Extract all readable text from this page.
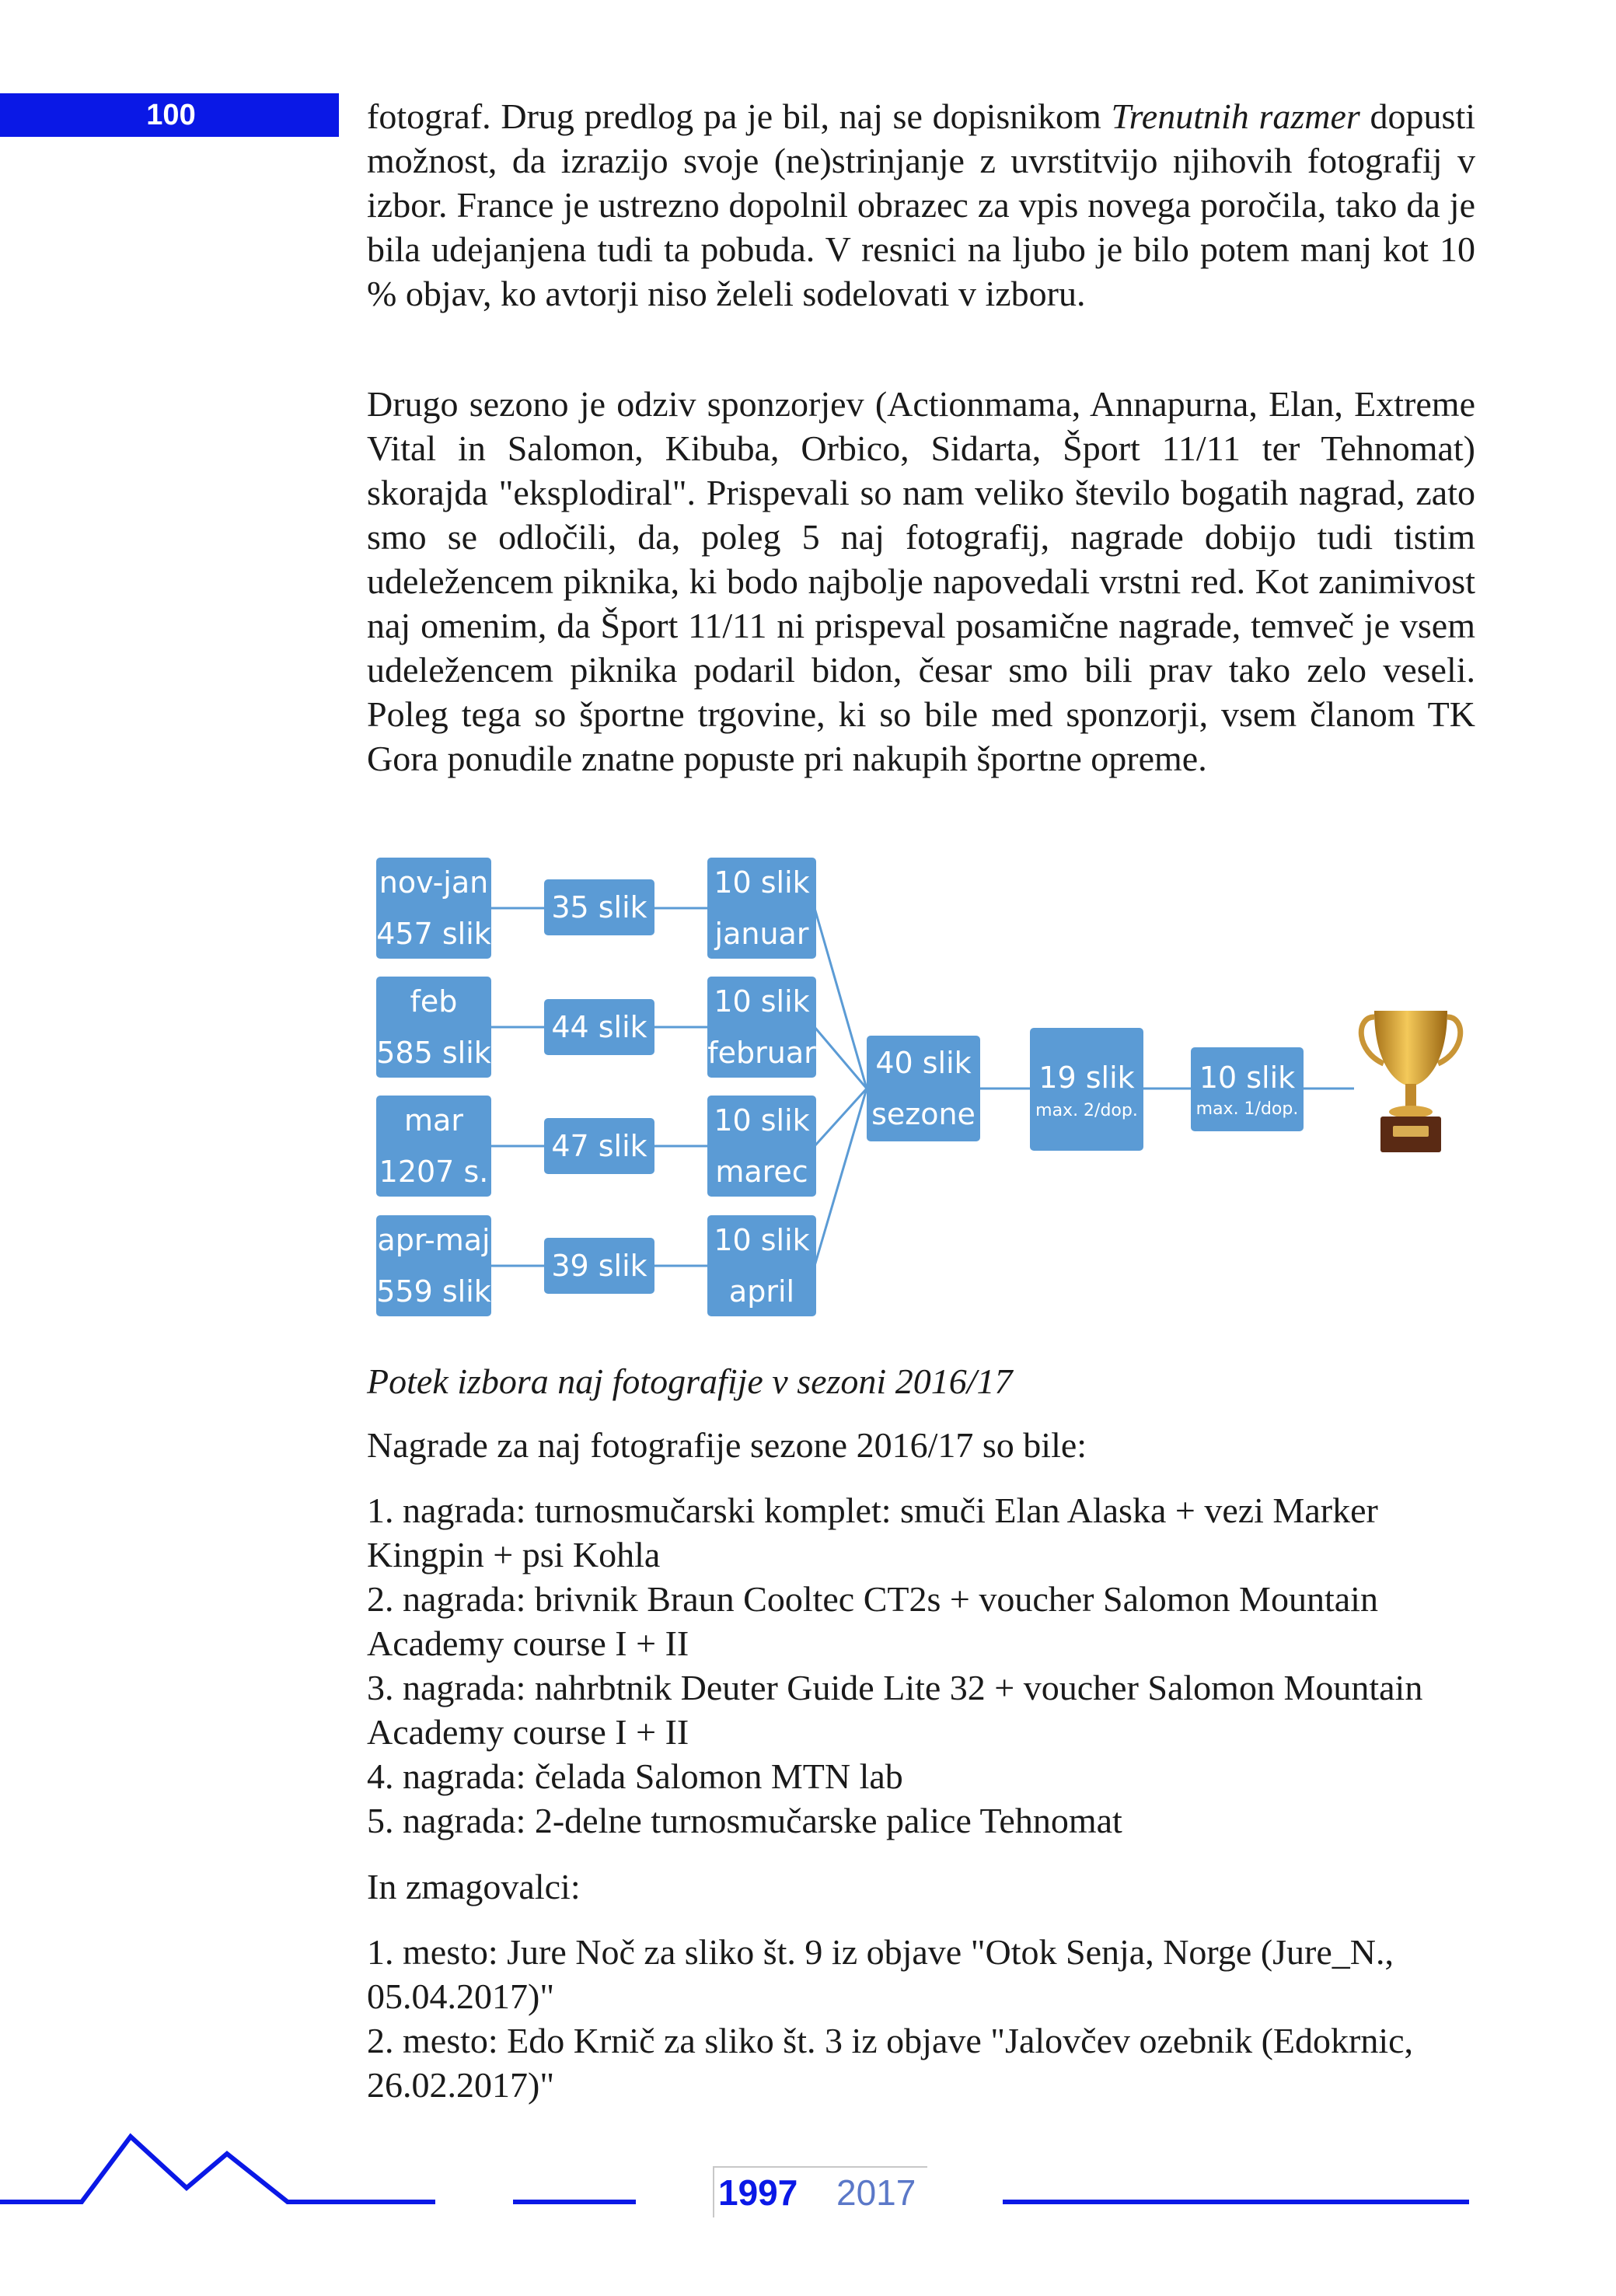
100	fotograf. Drug predlog pa je bil, naj se dopisnikom Trenutnih razmer dopusti možnost, da izrazijo svoje (ne)strinjanje z uvrstitvijo njihovih fotografij v izbor. France je ustrezno dopolnil obrazec za vpis novega poročila, tako da je bila udejanjena tudi ta pobuda. V resnici na ljubo je bilo potem manj kot 10 % objav, ko avtorji niso želeli sodelovati v izboru.

Drugo sezono je odziv sponzorjev (Actionmama, Annapurna, Elan, Extreme Vital in Salomon, Kibuba, Orbico, Sidarta, Šport 11/11 ter Tehnomat) skorajda "eksplodiral". Prispevali so nam veliko število bogatih nagrad, zato smo se odločili, da, poleg 5 naj fotografij, nagrade dobijo tudi tistim udeležencem piknika, ki bodo najbolje napovedali vrstni red. Kot zanimivost naj omenim, da Šport 11/11 ni prispeval posamične nagrade, temveč je vsem udeležencem piknika podaril bidon, česar smo bili prav tako zelo veseli. Poleg tega so športne trgovine, ki so bile med sponzorji, vsem članom TK Gora ponudile znatne popuste pri nakupih športne opreme.

nov-jan
457 slik
feb
585 slik
mar
1207 s.
apr-maj
559 slik
35 slik
44 slik
47 slik
39 slik
10 slik
januar
10 slik
februar
10 slik
marec
10 slik
april
40 slik
sezone
19 slik
max. 2/dop.
10 slik
max. 1/dop.
Potek izbora naj fotografije v sezoni 2016/17
Nagrade za naj fotografije sezone 2016/17 so bile:
1. nagrada: turnosmučarski komplet: smuči Elan Alaska + vezi Marker Kingpin + psi Kohla
2. nagrada: brivnik Braun Cooltec CT2s + voucher Salomon Mountain Academy course I + II
3. nagrada: nahrbtnik Deuter Guide Lite 32 + voucher Salomon Mountain Academy course I + II
4. nagrada: čelada Salomon MTN lab
5. nagrada: 2-delne turnosmučarske palice Tehnomat
In zmagovalci:
1. mesto: Jure Noč za sliko št. 9 iz objave "Otok Senja, Norge (Jure_N., 05.04.2017)"
2. mesto: Edo Krnič za sliko št. 3 iz objave "Jalovčev ozebnik (Edokrnic, 26.02.2017)"
1997 2017
